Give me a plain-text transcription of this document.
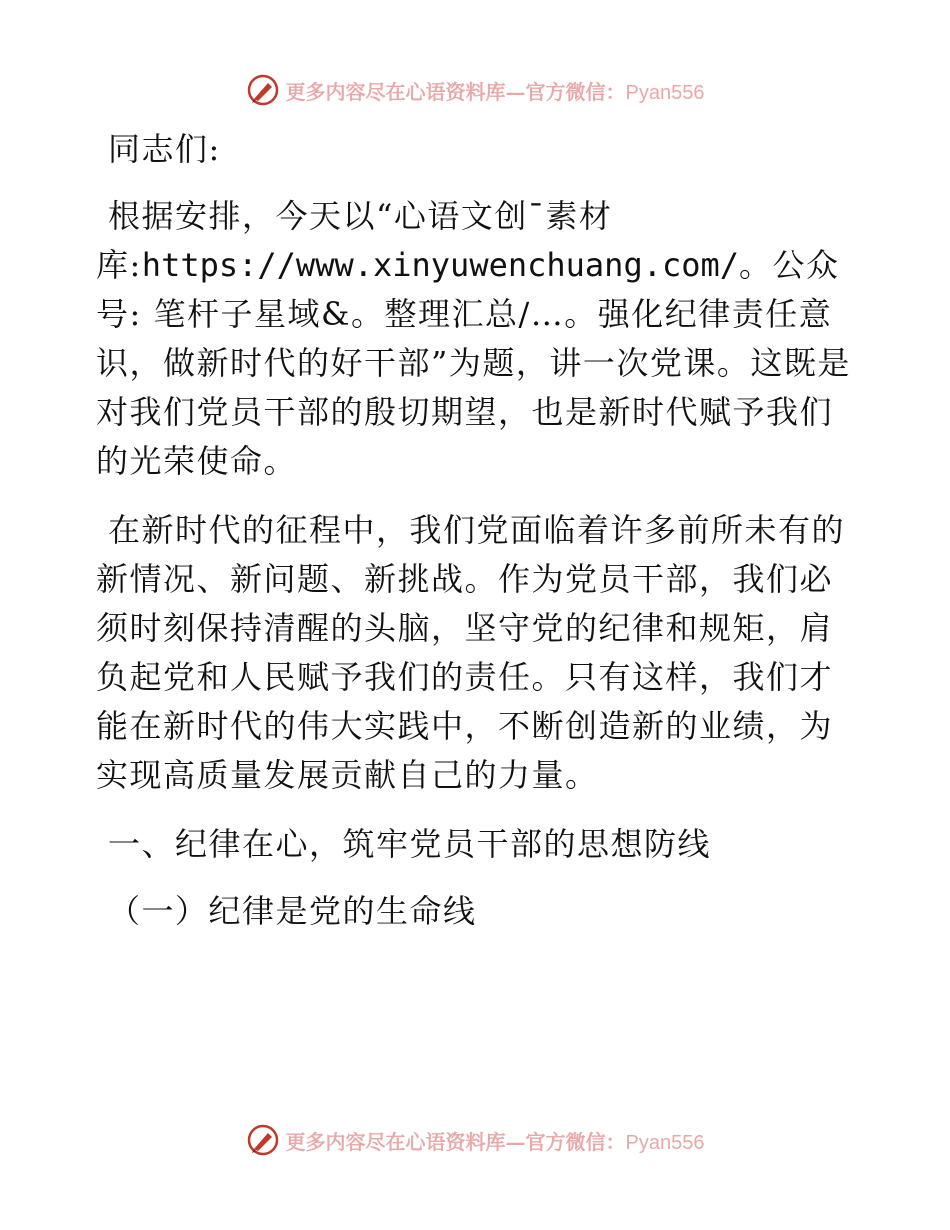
更多内容尽在心语资料库—官方微信：Pyan556

同志们:

根据安排，今天以“心语文创¯素材库:https://www.xinyuwenchuang.com/。公众号: 笔杆子星域&。整理汇总/…。强化纪律责任意识，做新时代的好干部”为题，讲一次党课。这既是对我们党员干部的殷切期望，也是新时代赋予我们的光荣使命。

在新时代的征程中，我们党面临着许多前所未有的新情况、新问题、新挑战。作为党员干部，我们必须时刻保持清醒的头脑，坚守党的纪律和规矩，肩负起党和人民赋予我们的责任。只有这样，我们才能在新时代的伟大实践中，不断创造新的业绩，为实现高质量发展贡献自己的力量。

一、纪律在心，筑牢党员干部的思想防线

（一）纪律是党的生命线

更多内容尽在心语资料库—官方微信：Pyan556
